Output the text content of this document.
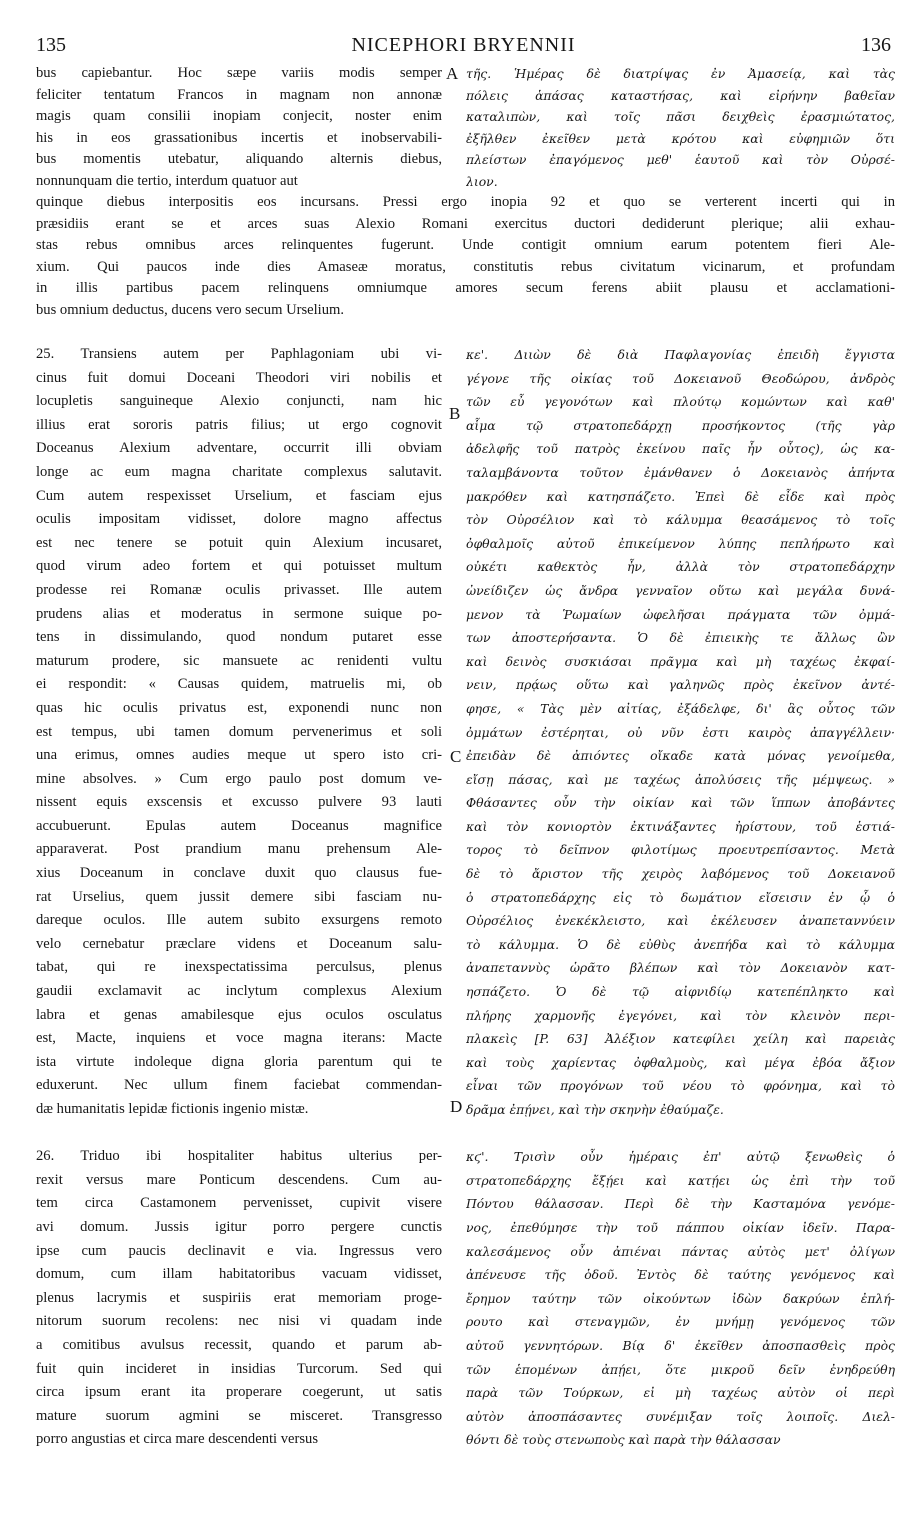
135	NICEPHORI BRYENNII	136
bus capiebantur. Hoc sæpe variis modis semper
feliciter tentatum Francos in magnam non annonæ
magis quam consilii inopiam conjecit, noster enim
his in eos grassationibus incertis et inobservabili-
bus momentis utebatur, aliquando alternis diebus,
nonnunquam die tertio, interdum quatuor aut
τῆς. Ἡμέρας δὲ διατρίψας ἐν Ἀμασείᾳ, καὶ τὰς
πόλεις ἁπάσας καταστήσας, καὶ εἰρήνην βαθεῖαν
καταλιπὼν, καὶ τοῖς πᾶσι δειχθεὶς ἐρασμιώτατος,
ἐξῆλθεν ἐκεῖθεν μετὰ κρότου καὶ εὐφημιῶν ὅτι
πλείστων ἐπαγόμενος μεθ' ἑαυτοῦ καὶ τὸν Οὐρσέ-
λιον.
quinque diebus interpositis eos incursans. Pressi ergo inopia 92 et quo se verterent incerti qui in
præsidiis erant se et arces suas Alexio Romani exercitus ductori dediderunt plerique; alii exhau-
stas rebus omnibus arces relinquentes fugerunt. Unde contigit omnium earum potentem fieri Ale-
xium. Qui paucos inde dies Amaseæ moratus, constitutis rebus civitatum vicinarum, et profundam
in illis partibus pacem relinquens omniumque amores secum ferens abiit plausu et acclamationi-
bus omnium deductus, ducens vero secum Urselium.
25. Transiens autem per Paphlagoniam ubi vi-
cinus fuit domui Doceani Theodori viri nobilis et
locupletis sanguineque Alexio conjuncti, nam hic
illius erat sororis patris filius; ut ergo cognovit
Doceanus Alexium adventare, occurrit illi obviam
longe ac eum magna charitate complexus salutavit.
Cum autem respexisset Urselium, et fasciam ejus
oculis impositam vidisset, dolore magno affectus
est nec tenere se potuit quin Alexium incusaret,
quod virum adeo fortem et qui potuisset multum
prodesse rei Romanæ oculis privasset. Ille autem
prudens alias et moderatus in sermone suique po-
tens in dissimulando, quod nondum putaret esse
maturum prodere, sic mansuete ac renidenti vultu
ei respondit: « Causas quidem, matruelis mi, ob
quas hic oculis privatus est, exponendi nunc non
est tempus, ubi tamen domum pervenerimus et soli
una erimus, omnes audies meque ut spero isto cri-
mine absolves. » Cum ergo paulo post domum ve-
nissent equis exscensis et excusso pulvere 93 lauti
accubuerunt. Epulas autem Doceanus magnifice
apparaverat. Post prandium manu prehensum Ale-
xius Doceanum in conclave duxit quo clausus fue-
rat Urselius, quem jussit demere sibi fasciam nu-
dareque oculos. Ille autem subito exsurgens remoto
velo cernebatur præclare videns et Doceanum salu-
tabat, qui re inexspectatissima perculsus, plenus
gaudii exclamavit ac inclytum complexus Alexium
labra et genas amabilesque ejus oculos osculatus
est, Macte, inquiens et voce magna iterans: Macte
ista virtute indoleque digna gloria parentum qui te
eduxerunt. Nec ullum finem faciebat commendan-
dæ humanitatis lepidæ fictionis ingenio mistæ.
26. Triduo ibi hospitaliter habitus ulterius per-
rexit versus mare Ponticum descendens. Cum au-
tem circa Castamonem pervenisset, cupivit visere
avi domum. Jussis igitur porro pergere cunctis
ipse cum paucis declinavit e via. Ingressus vero
domum, cum illam habitatoribus vacuam vidisset,
plenus lacrymis et suspiriis erat memoriam proge-
nitorum suorum recolens: nec nisi vi quadam inde
a comitibus avulsus recessit, quando et parum ab-
fuit quin incideret in insidias Turcorum. Sed qui
circa ipsum erant ita properare coegerunt, ut satis
mature suorum agmini se misceret. Transgresso
porro angustias et circa mare descendenti versus
κε'. Διιὼν δὲ διὰ Παφλαγονίας ἐπειδὴ ἔγγιστα
γέγονε τῆς οἰκίας τοῦ Δοκειανοῦ Θεοδώρου, ἀνδρὸς
τῶν εὖ γεγονότων καὶ πλούτῳ κομώντων καὶ καθ'
αἷμα τῷ στρατοπεδάρχῃ προσήκοντος (τῆς γὰρ
ἀδελφῆς τοῦ πατρὸς ἐκείνου παῖς ἦν οὗτος), ὡς κα-
ταλαμβάνοντα τοῦτον ἐμάνθανεν ὁ Δοκειανὸς ἀπήντα
μακρόθεν καὶ κατησπάζετο. Ἐπεὶ δὲ εἶδε καὶ πρὸς
τὸν Οὐρσέλιον καὶ τὸ κάλυμμα θεασάμενος τὸ τοῖς
ὀφθαλμοῖς αὐτοῦ ἐπικείμενον λύπης πεπλήρωτο καὶ
οὐκέτι καθεκτὸς ἦν, ἀλλὰ τὸν στρατοπεδάρχην
ὠνείδιζεν ὡς ἄνδρα γενναῖον οὕτω καὶ μεγάλα δυνά-
μενον τὰ Ῥωμαίων ὠφελῆσαι πράγματα τῶν ὀμμά-
των ἀποστερήσαντα. Ὁ δὲ ἐπιεικὴς τε ἄλλως ὢν
καὶ δεινὸς συσκιάσαι πρᾶγμα καὶ μὴ ταχέως ἐκφαί-
νειν, πρᾴως οὕτω καὶ γαληνῶς πρὸς ἐκεῖνον ἀντέ-
φησε, « Τὰς μὲν αἰτίας, ἐξάδελφε, δι' ἃς οὗτος τῶν
ὀμμάτων ἐστέρηται, οὐ νῦν ἐστι καιρὸς ἀπαγγέλλειν·
ἐπειδὰν δὲ ἀπιόντες οἴκαδε κατὰ μόνας γενοίμεθα,
εἴσῃ πάσας, καὶ με ταχέως ἀπολύσεις τῆς μέμψεως. »
Φθάσαντες οὖν τὴν οἰκίαν καὶ τῶν ἵππων ἀποβάντες
καὶ τὸν κονιορτὸν ἐκτινάξαντες ἠρίστουν, τοῦ ἑστιά-
τορος τὸ δεῖπνον φιλοτίμως προευτρεπίσαντος. Μετὰ
δὲ τὸ ἄριστον τῆς χειρὸς λαβόμενος τοῦ Δοκειανοῦ
ὁ στρατοπεδάρχης εἰς τὸ δωμάτιον εἴσεισιν ἐν ᾧ ὁ
Οὐρσέλιος ἐνεκέκλειστο, καὶ ἐκέλευσεν ἀναπεταννύειν
τὸ κάλυμμα. Ὁ δὲ εὐθὺς ἀνεπήδα καὶ τὸ κάλυμμα
ἀναπεταννὺς ὡρᾶτο βλέπων καὶ τὸν Δοκειανὸν κατ-
ησπάζετο. Ὁ δὲ τῷ αἰφνιδίῳ κατεπέπληκτο καὶ
πλήρης χαρμονῆς ἐγεγόνει, καὶ τὸν κλεινὸν περι-
πλακεὶς [P. 63] Ἀλέξιον κατεφίλει χείλη καὶ παρειὰς
καὶ τοὺς χαρίεντας ὀφθαλμοὺς, καὶ μέγα ἐβόα ἄξιον
εἶναι τῶν προγόνων τοῦ νέου τὸ φρόνημα, καὶ τὸ
δρᾶμα ἐπῄνει, καὶ τὴν σκηνὴν ἐθαύμαζε.
κϛ'. Τρισὶν οὖν ἡμέραις ἐπ' αὐτῷ ξενωθεὶς ὁ
στρατοπεδάρχης ἔξῄει καὶ κατῄει ὡς ἐπὶ τὴν τοῦ
Πόντου θάλασσαν. Περὶ δὲ τὴν Κασταμόνα γενόμε-
νος, ἐπεθύμησε τὴν τοῦ πάππου οἰκίαν ἰδεῖν. Παρα-
καλεσάμενος οὖν ἀπιέναι πάντας αὐτὸς μετ' ὀλίγων
ἀπένευσε τῆς ὁδοῦ. Ἐντὸς δὲ ταύτης γενόμενος καὶ
ἔρημον ταύτην τῶν οἰκούντων ἰδὼν δακρύων ἐπλή-
ρουτο καὶ στεναγμῶν, ἐν μνήμῃ γενόμενος τῶν
αὐτοῦ γεννητόρων. Βίᾳ δ' ἐκεῖθεν ἀποσπασθεὶς πρὸς
τῶν ἑπομένων ἀπῄει, ὅτε μικροῦ δεῖν ἐνηδρεύθη
παρὰ τῶν Τούρκων, εἰ μὴ ταχέως αὐτὸν οἱ περὶ
αὐτὸν ἀποσπάσαντες συνέμιξαν τοῖς λοιποῖς. Διελ-
θόντι δὲ τοὺς στενωποὺς καὶ παρὰ τὴν θάλασσαν
A
B
C
D
